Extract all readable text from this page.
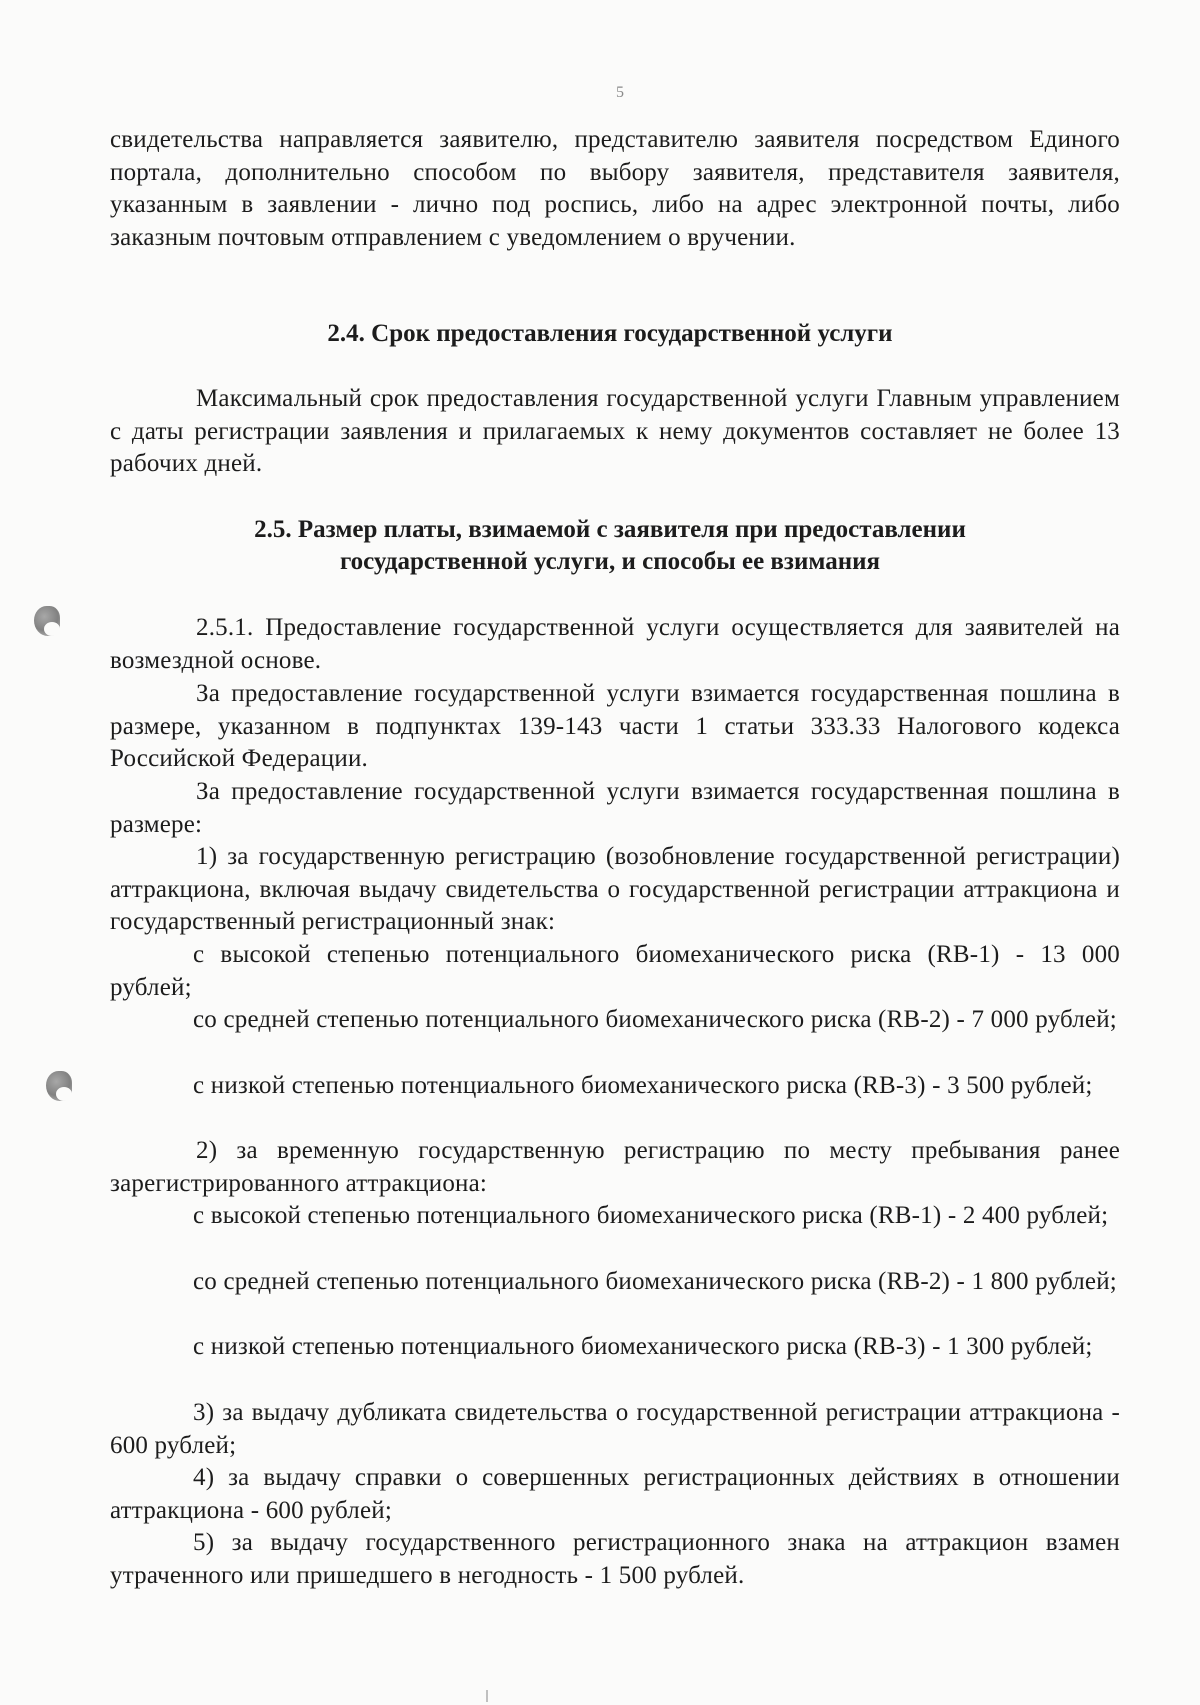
5

свидетельства направляется заявителю, представителю заявителя посредством Единого портала, дополнительно способом по выбору заявителя, представителя заявителя, указанным в заявлении - лично под роспись, либо на адрес электронной почты, либо заказным почтовым отправлением с уведомлением о вручении.

2.4. Срок предоставления государственной услуги

Максимальный срок предоставления государственной услуги Главным управлением с даты регистрации заявления и прилагаемых к нему документов составляет не более 13 рабочих дней.

2.5. Размер платы, взимаемой с заявителя при предоставлении
государственной услуги, и способы ее взимания

2.5.1. Предоставление государственной услуги осуществляется для заявителей на возмездной основе.

За предоставление государственной услуги взимается государственная пошлина в размере, указанном в подпунктах 139-143 части 1 статьи 333.33 Налогового кодекса Российской Федерации.

За предоставление государственной услуги взимается государственная пошлина в размере:

1) за государственную регистрацию (возобновление государственной регистрации) аттракциона, включая выдачу свидетельства о государственной регистрации аттракциона и государственный регистрационный знак:

с высокой степенью потенциального биомеханического риска (RB-1) - 13 000 рублей;

со средней степенью потенциального биомеханического риска (RB-2) - 7 000 рублей;

с низкой степенью потенциального биомеханического риска (RB-3) - 3 500 рублей;

2) за временную государственную регистрацию по месту пребывания ранее зарегистрированного аттракциона:

с высокой степенью потенциального биомеханического риска (RB-1) - 2 400 рублей;

со средней степенью потенциального биомеханического риска (RB-2) - 1 800 рублей;

с низкой степенью потенциального биомеханического риска (RB-3) - 1 300 рублей;

3) за выдачу дубликата свидетельства о государственной регистрации аттракциона - 600 рублей;

4) за выдачу справки о совершенных регистрационных действиях в отношении аттракциона - 600 рублей;

5) за выдачу государственного регистрационного знака на аттракцион взамен утраченного или пришедшего в негодность - 1 500 рублей.
